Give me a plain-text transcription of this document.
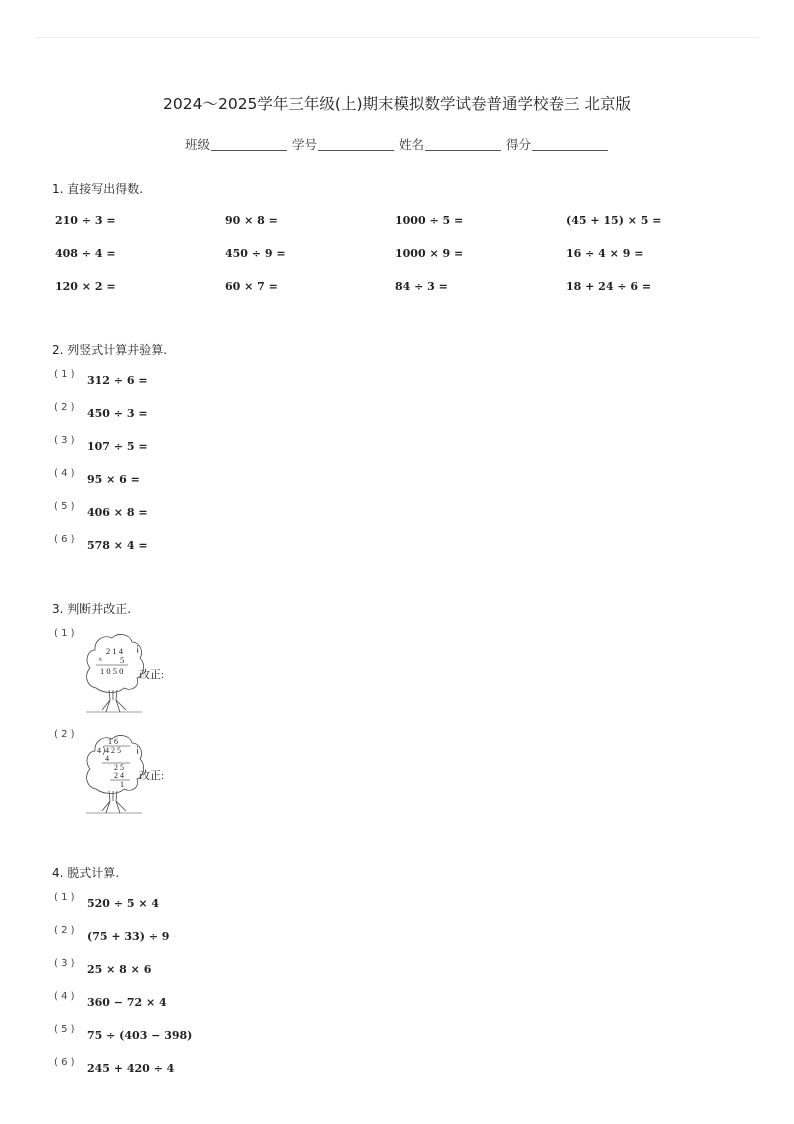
2024～2025学年三年级(上)期末模拟数学试卷普通学校卷三 北京版
班级	学号	姓名	得分
1. 直接写出得数.
210 ÷ 3 =	90 × 8 =	1000 ÷ 5 =	(45 + 15) × 5 =
408 ÷ 4 =	450 ÷ 9 =	1000 × 9 =	16 ÷ 4 × 9 =
120 × 2 =	60 × 7 =	84 ÷ 3 =	18 + 24 ÷ 6 =
2. 列竖式计算并验算.
( 1 ) 312 ÷ 6 =
( 2 ) 450 ÷ 3 =
( 3 ) 107 ÷ 5 =
( 4 ) 95 × 6 =
( 5 ) 406 × 8 =
( 6 ) 578 × 4 =
3. 判断并改正.
( 1 )
2 1 4
× 5
1 0 5 0
¡
改正:
( 2 )
1 6
4 4 2 5
4
2 5
2 4
1
¡
改正:
4. 脱式计算.
( 1 ) 520 ÷ 5 × 4
( 2 ) (75 + 33) ÷ 9
( 3 ) 25 × 8 × 6
( 4 ) 360 − 72 × 4
( 5 ) 75 ÷ (403 − 398)
( 6 ) 245 + 420 ÷ 4
